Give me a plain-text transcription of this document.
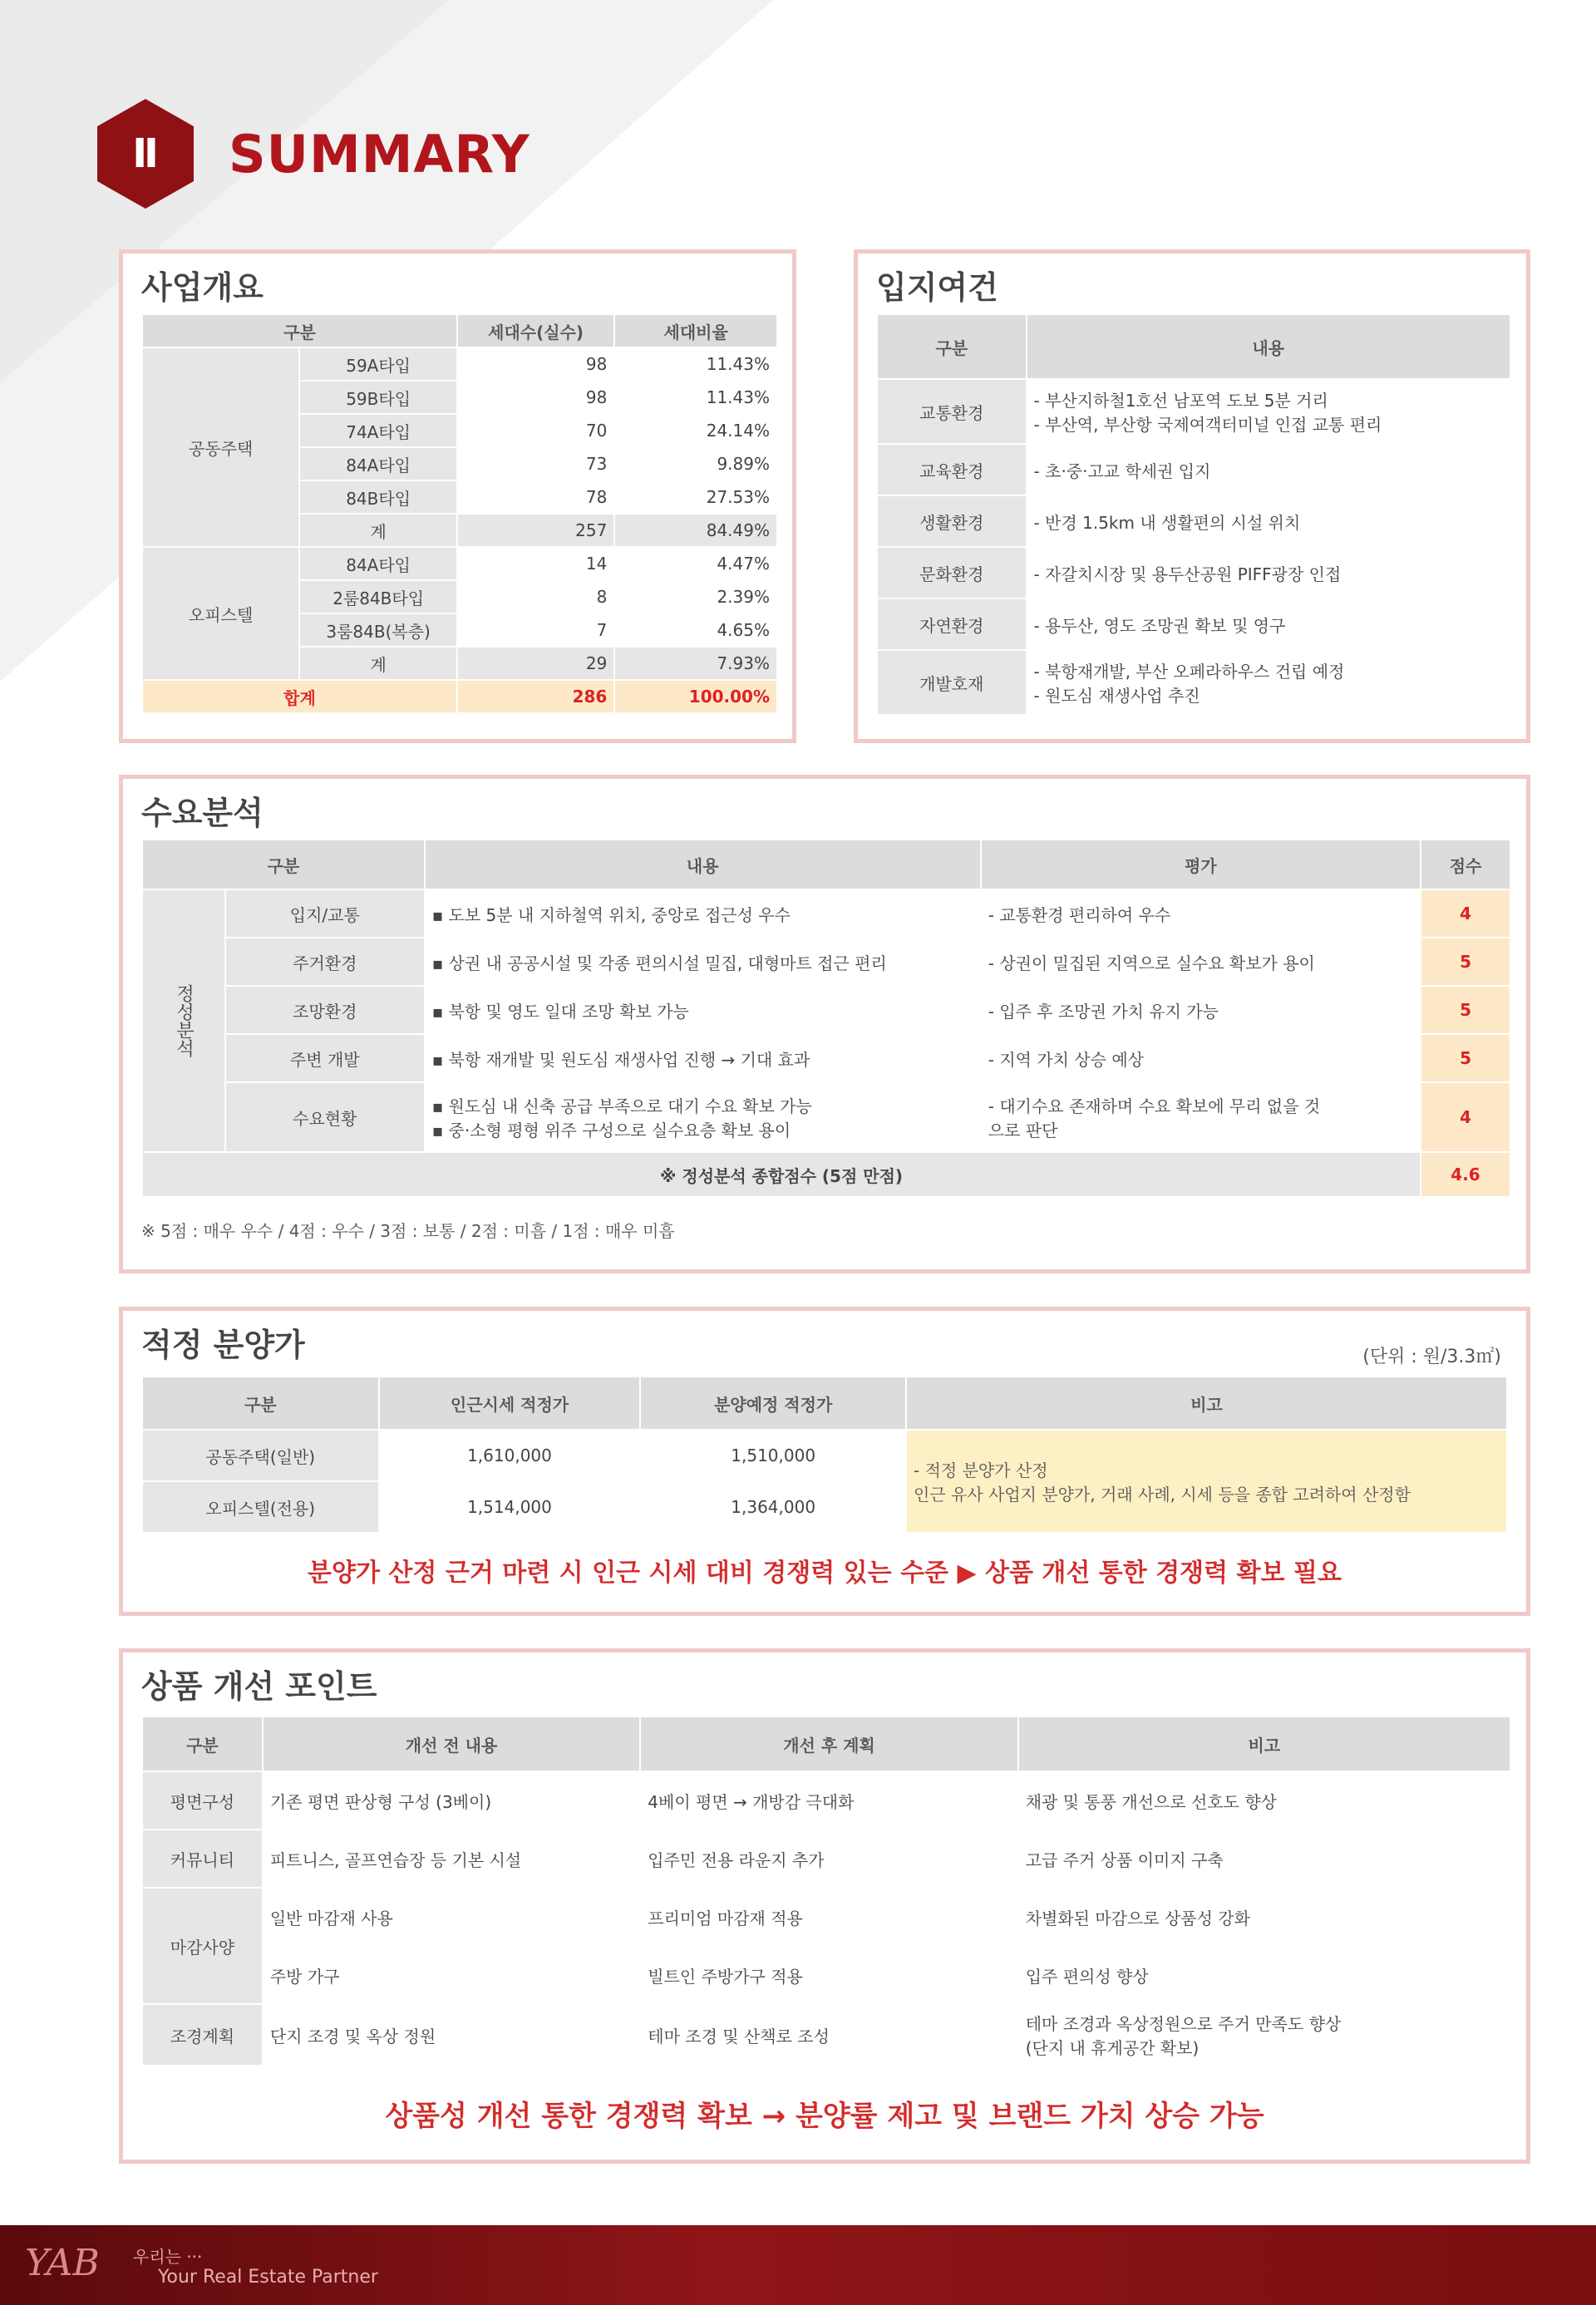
Ⅱ	SUMMARY
사업개요
구분		세대수(실수)	세대비율
공동주택	59A타입	98	11.43%
	59B타입	98	11.43%
	74A타입	70	24.14%
	84A타입	73	9.89%
	84B타입	78	27.53%
	계	257	84.49%
오피스텔	84A타입	14	4.47%
	2룸84B타입	8	2.39%
	3룸84B(복층)	7	4.65%
	계	29	7.93%
합계		286	100.00%
입지여건
구분	내용
교통환경	- 부산지하철1호선 남포역 도보 5분 거리
- 부산역, 부산항 국제여객터미널 인접 교통 편리

교육환경	- 초·중·고교 학세권 입지

생활환경	- 반경 1.5km 내 생활편의 시설 위치

문화환경	- 자갈치시장 및 용두산공원 PIFF광장 인접

자연환경	- 용두산, 영도 조망권 확보 및 영구

개발호재	- 북항재개발, 부산 오페라하우스 건립 예정
- 원도심 재생사업 추진
수요분석
구분		내용	평가	점수
정성분석	입지/교통	▪ 도보 5분 내 지하철역 위치, 중앙로 접근성 우수	- 교통환경 편리하여 우수	4
	주거환경	▪ 상권 내 공공시설 및 각종 편의시설 밀집, 대형마트 접근 편리	- 상권이 밀집된 지역으로 실수요 확보가 용이	5
	조망환경	▪ 북항 및 영도 일대 조망 확보 가능	- 입주 후 조망권 가치 유지 가능	5
	주변 개발	▪ 북항 재개발 및 원도심 재생사업 진행 → 기대 효과	- 지역 가치 상승 예상	5
	수요현황	▪ 원도심 내 신축 공급 부족으로 대기 수요 확보 가능
▪ 중·소형 평형 위주 구성으로 실수요층 확보 용이	- 대기수요 존재하며 수요 확보에 무리 없을 것
으로 판단	4
※ 정성분석 종합점수 (5점 만점)				4.6
※ 5점 : 매우 우수 / 4점 : 우수 / 3점 : 보통 / 2점 : 미흡 / 1점 : 매우 미흡
적정 분양가	(단위 : 원/3.3㎡)
구분	인근시세 적정가	분양예정 적정가	비고
공동주택(일반)	1,610,000	1,510,000	- 적정 분양가 산정
인근 유사 사업지 분양가, 거래 사례, 시세 등을 종합 고려하여 산정함

오피스텔(전용)	1,514,000	1,364,000	
분양가 산정 근거 마련 시 인근 시세 대비 경쟁력 있는 수준 ▶ 상품 개선 통한 경쟁력 확보 필요
상품 개선 포인트
구분	개선 전 내용	개선 후 계획	비고
평면구성	기존 평면 판상형 구성 (3베이)	4베이 평면 → 개방감 극대화	채광 및 통풍 개선으로 선호도 향상

커뮤니티	피트니스, 골프연습장 등 기본 시설	입주민 전용 라운지 추가	고급 주거 상품 이미지 구축

마감사양	일반 마감재 사용	프리미엄 마감재 적용	차별화된 마감으로 상품성 강화

	주방 가구	빌트인 주방가구 적용	입주 편의성 향상

조경계획	단지 조경 및 옥상 정원	테마 조경 및 산책로 조성	테마 조경과 옥상정원으로 주거 만족도 향상
(단지 내 휴게공간 확보)
상품성 개선 통한 경쟁력 확보 → 분양률 제고 및 브랜드 가치 상승 가능
YAB 우리는 ···
Your Real Estate Partner
